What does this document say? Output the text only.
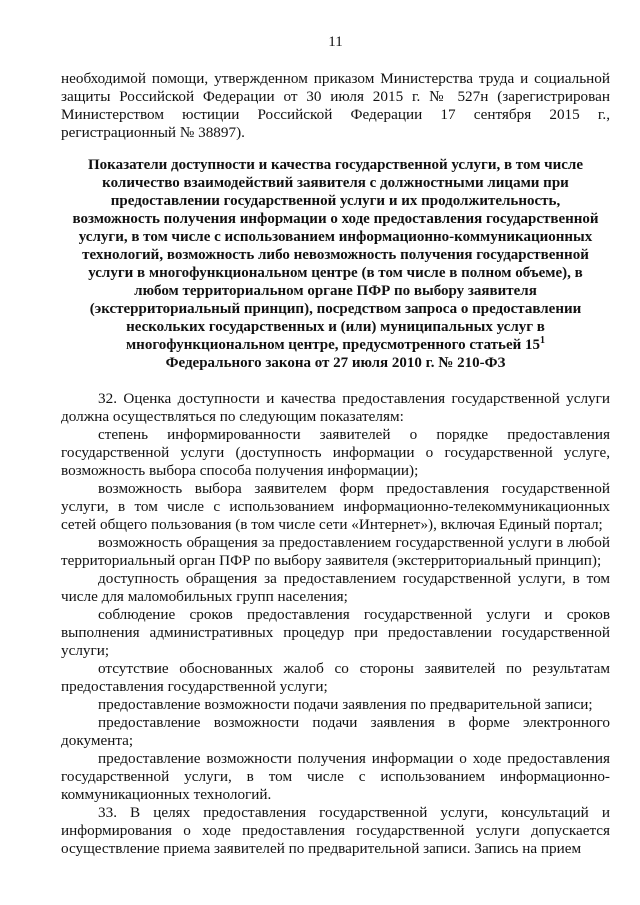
11

необходимой помощи, утвержденном приказом Министерства труда и социальной защиты Российской Федерации от 30 июля 2015 г. № 527н (зарегистрирован Министерством юстиции Российской Федерации 17 сентября 2015 г., регистрационный № 38897).

Показатели доступности и качества государственной услуги, в том числе количество взаимодействий заявителя с должностными лицами при предоставлении государственной услуги и их продолжительность, возможность получения информации о ходе предоставления государственной услуги, в том числе с использованием информационно-коммуникационных технологий, возможность либо невозможность получения государственной услуги в многофункциональном центре (в том числе в полном объеме), в любом территориальном органе ПФР по выбору заявителя (экстерриториальный принцип), посредством запроса о предоставлении нескольких государственных и (или) муниципальных услуг в многофункциональном центре, предусмотренного статьей $15^1$
Федерального закона от 27 июля 2010 г. № 210-ФЗ

32. Оценка доступности и качества предоставления государственной услуги должна осуществляться по следующим показателям:

степень информированности заявителей о порядке предоставления государственной услуги (доступность информации о государственной услуге, возможность выбора способа получения информации);

возможность выбора заявителем форм предоставления государственной услуги, в том числе с использованием информационно-телекоммуникационных сетей общего пользования (в том числе сети «Интернет»), включая Единый портал;

возможность обращения за предоставлением государственной услуги в любой территориальный орган ПФР по выбору заявителя (экстерриториальный принцип);

доступность обращения за предоставлением государственной услуги, в том числе для маломобильных групп населения;

соблюдение сроков предоставления государственной услуги и сроков выполнения административных процедур при предоставлении государственной услуги;

отсутствие обоснованных жалоб со стороны заявителей по результатам предоставления государственной услуги;

предоставление возможности подачи заявления по предварительной записи;

предоставление возможности подачи заявления в форме электронного документа;

предоставление возможности получения информации о ходе предоставления государственной услуги, в том числе с использованием информационно-коммуникационных технологий.

33. В целях предоставления государственной услуги, консультаций и информирования о ходе предоставления государственной услуги допускается осуществление приема заявителей по предварительной записи. Запись на прием
